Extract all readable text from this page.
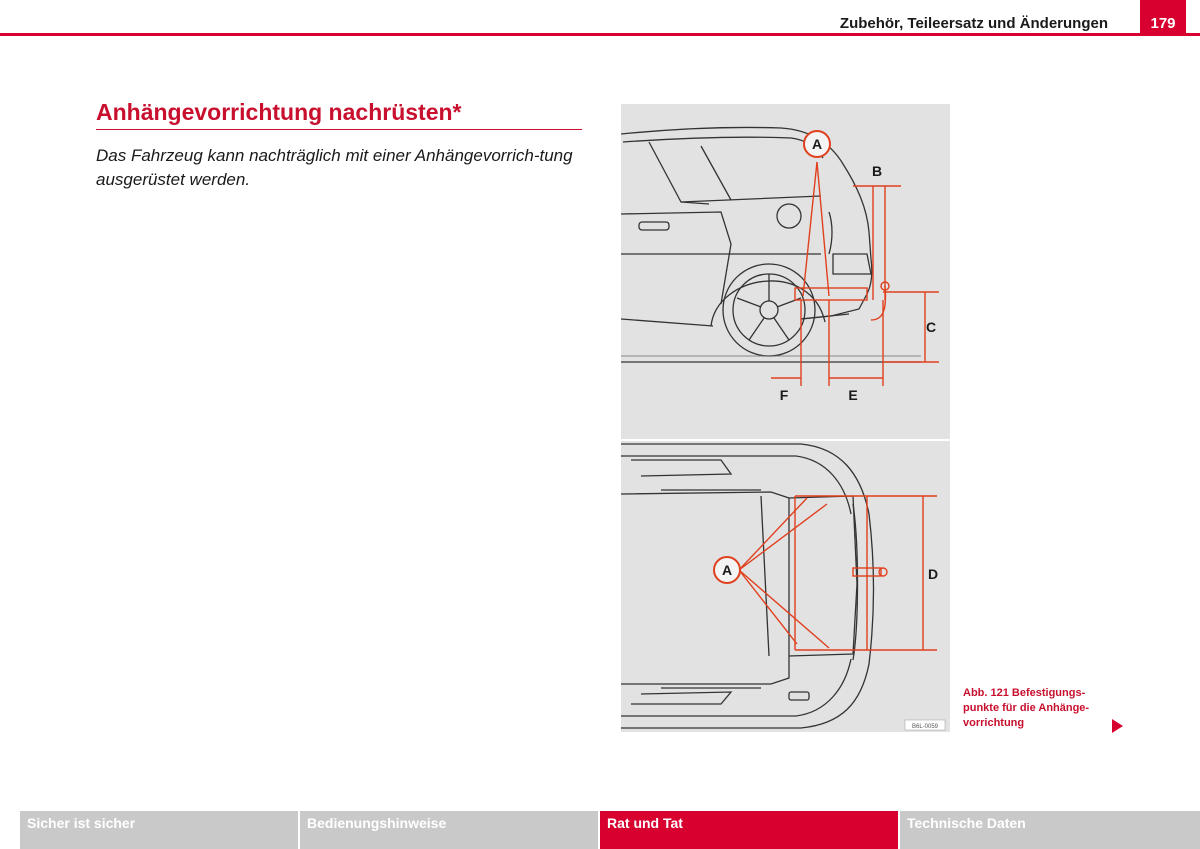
Zubehör, Teileersatz und Änderungen	179
Anhängevorrichtung nachrüsten*
Das Fahrzeug kann nachträglich mit einer Anhängevorrich-tung ausgerüstet werden.
A
B
C
F	E
A	D
B6L-0059
Abb. 121 Befestigungs-
punkte für die Anhänge-
vorrichtung
Sicher ist sicher	Bedienungshinweise	Rat und Tat	Technische Daten
